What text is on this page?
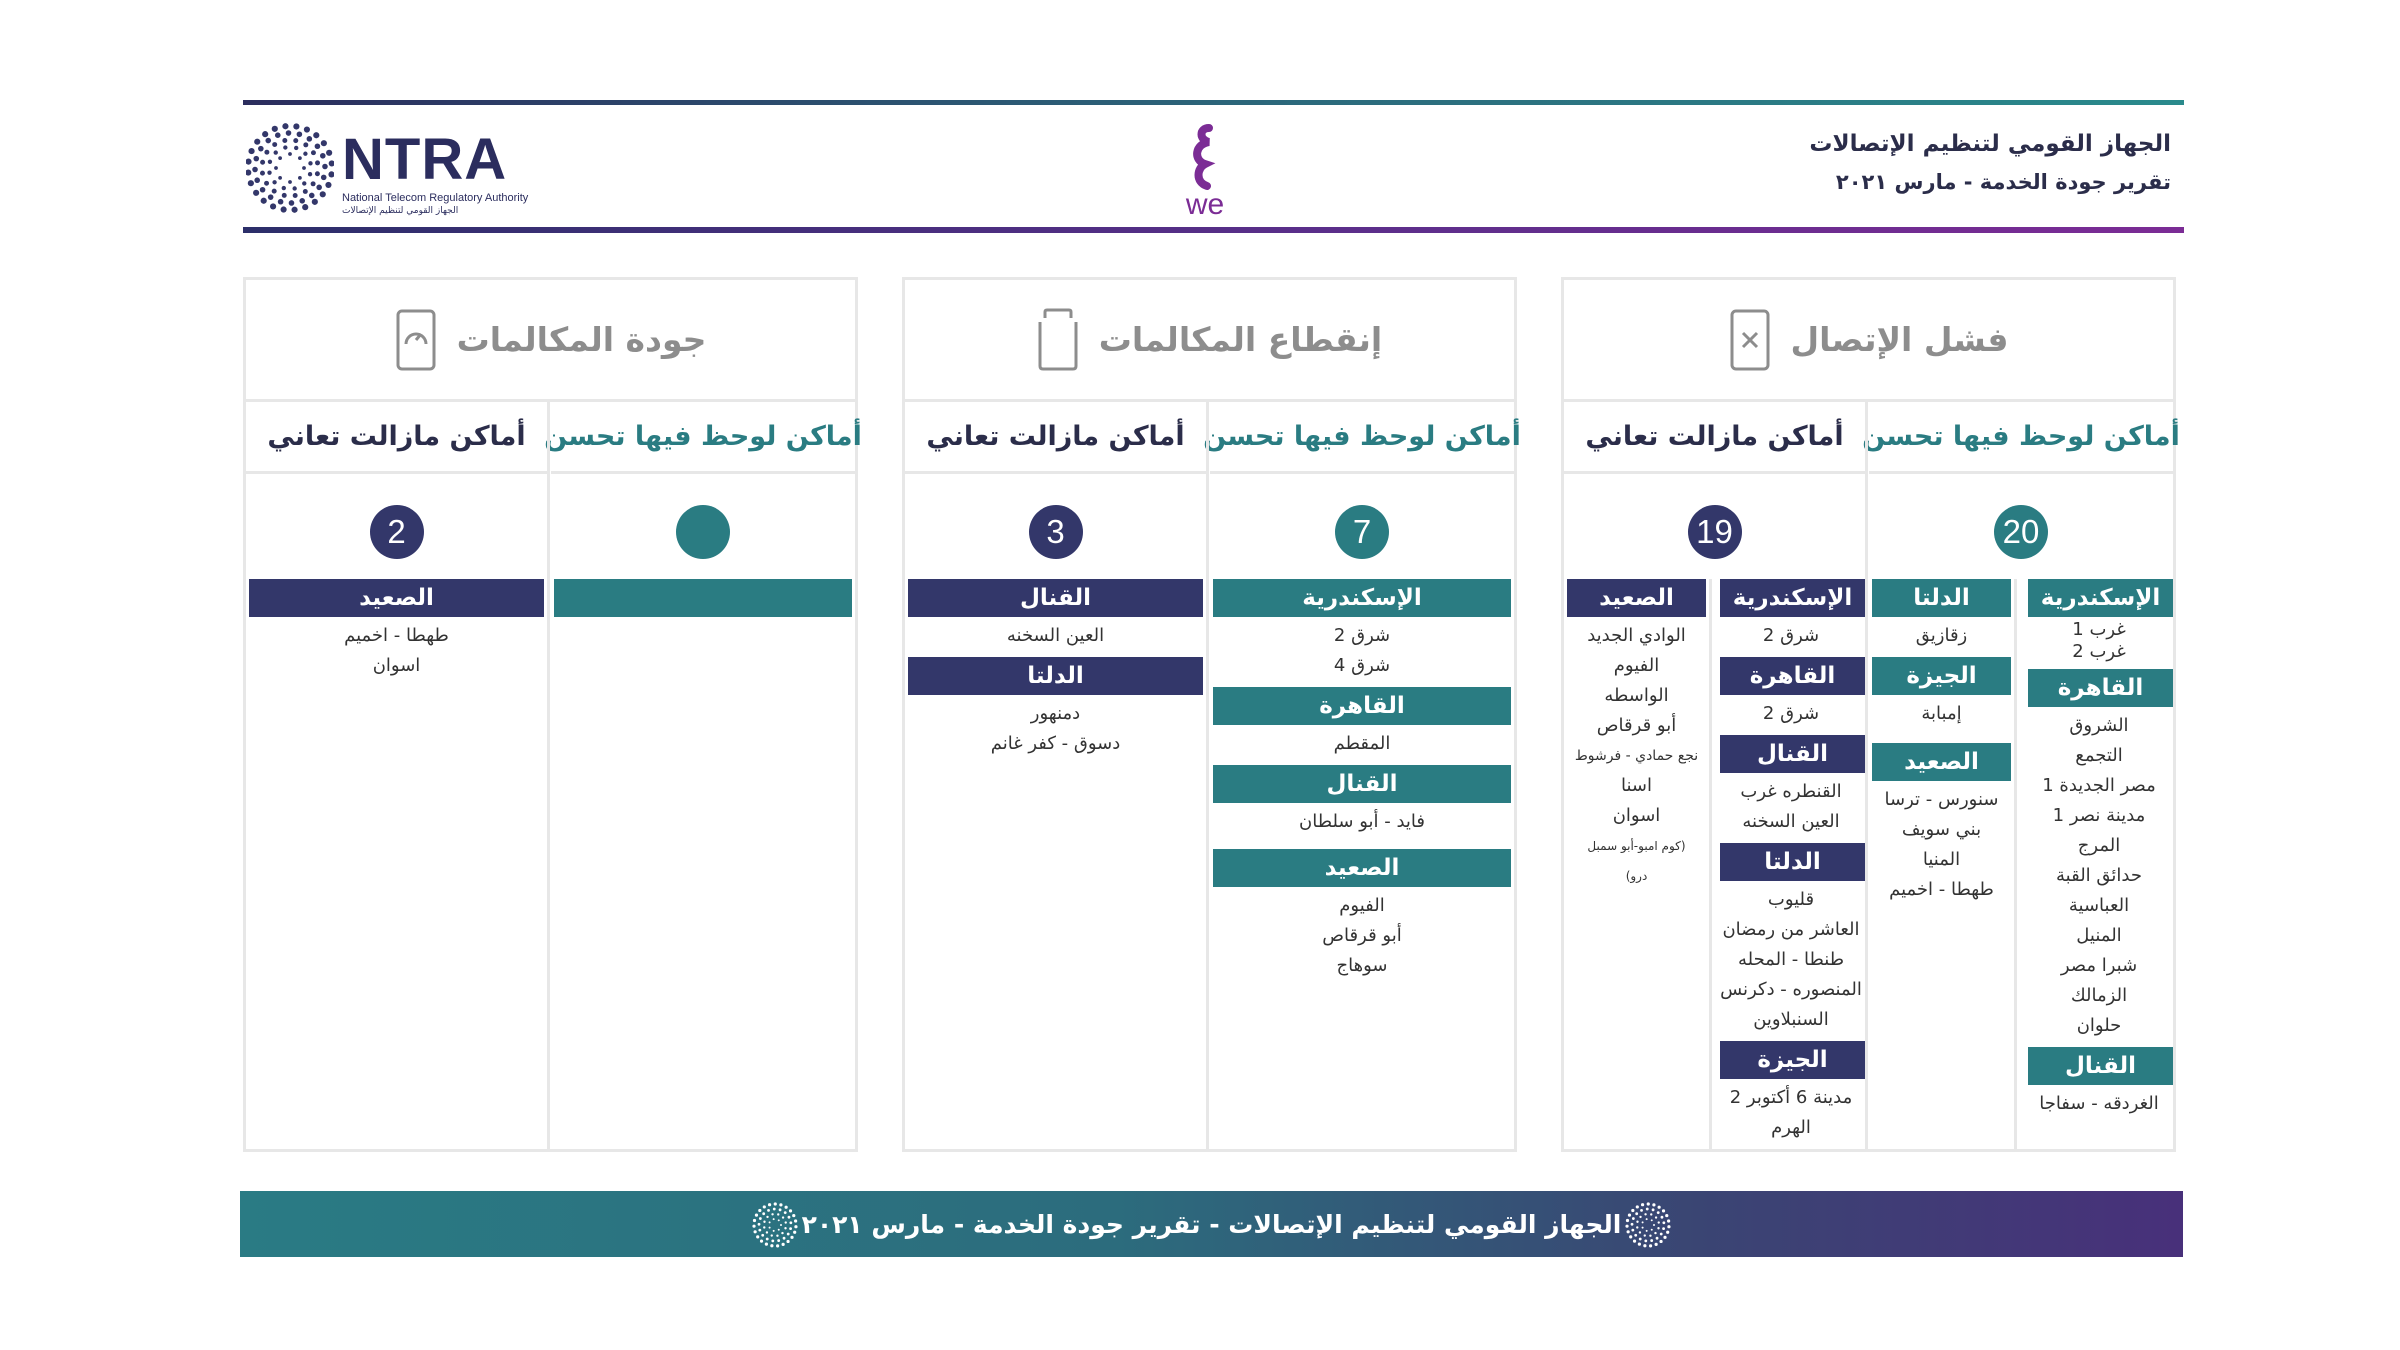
NTRA
National Telecom Regulatory Authority
الجهاز القومي لتنظيم الإتصالات	we
الجهاز القومي لتنظيم الإتصالات
تقرير جودة الخدمة - مارس ٢٠٢١
فشل الإتصال
أماكن لوحظ فيها تحسن
20
الإسكندرية
غرب 1
غرب 2
القاهرة
الشروق
التجمع
مصر الجديدة 1
مدينة نصر 1
المرج
حدائق القبة
العباسية
المنيل
شبرا مصر
الزمالك
حلوان
القنال
الغردقه - سفاجا
الدلتا
زقازيق
الجيزة
إمبابة
الصعيد
سنورس - ترسا
بني سويف
المنيا
طهطا - اخميم
أماكن مازالت تعاني
19
الإسكندرية
شرق 2
القاهرة
شرق 2
القنال
القنطره غرب
العين السخنه
الدلتا
قليوب
العاشر من رمضان
طنطا - المحله
المنصوره - دكرنس
السنبلاوين
الجيزة
مدينة 6 أكتوبر 2
الهرم
الصعيد
الوادي الجديد
الفيوم
الواسطه
أبو قرقاص
نجع حمادي - فرشوط
اسنا
اسوان
(كوم امبو-أبو سمبل
درو)
إنقطاع المكالمات
أماكن لوحظ فيها تحسن
7
الإسكندرية
شرق 2
شرق 4
القاهرة
المقطم
القنال
فايد - أبو سلطان
الصعيد
الفيوم
أبو قرقاص
سوهاج
أماكن مازالت تعاني
3
القنال
العين السخنه
الدلتا
دمنهور
دسوق - كفر غانم
جودة المكالمات
أماكن لوحظ فيها تحسن
أماكن مازالت تعاني
2
الصعيد
طهطا - اخميم
اسوان
الجهاز القومي لتنظيم الإتصالات - تقرير جودة الخدمة - مارس ٢٠٢١
